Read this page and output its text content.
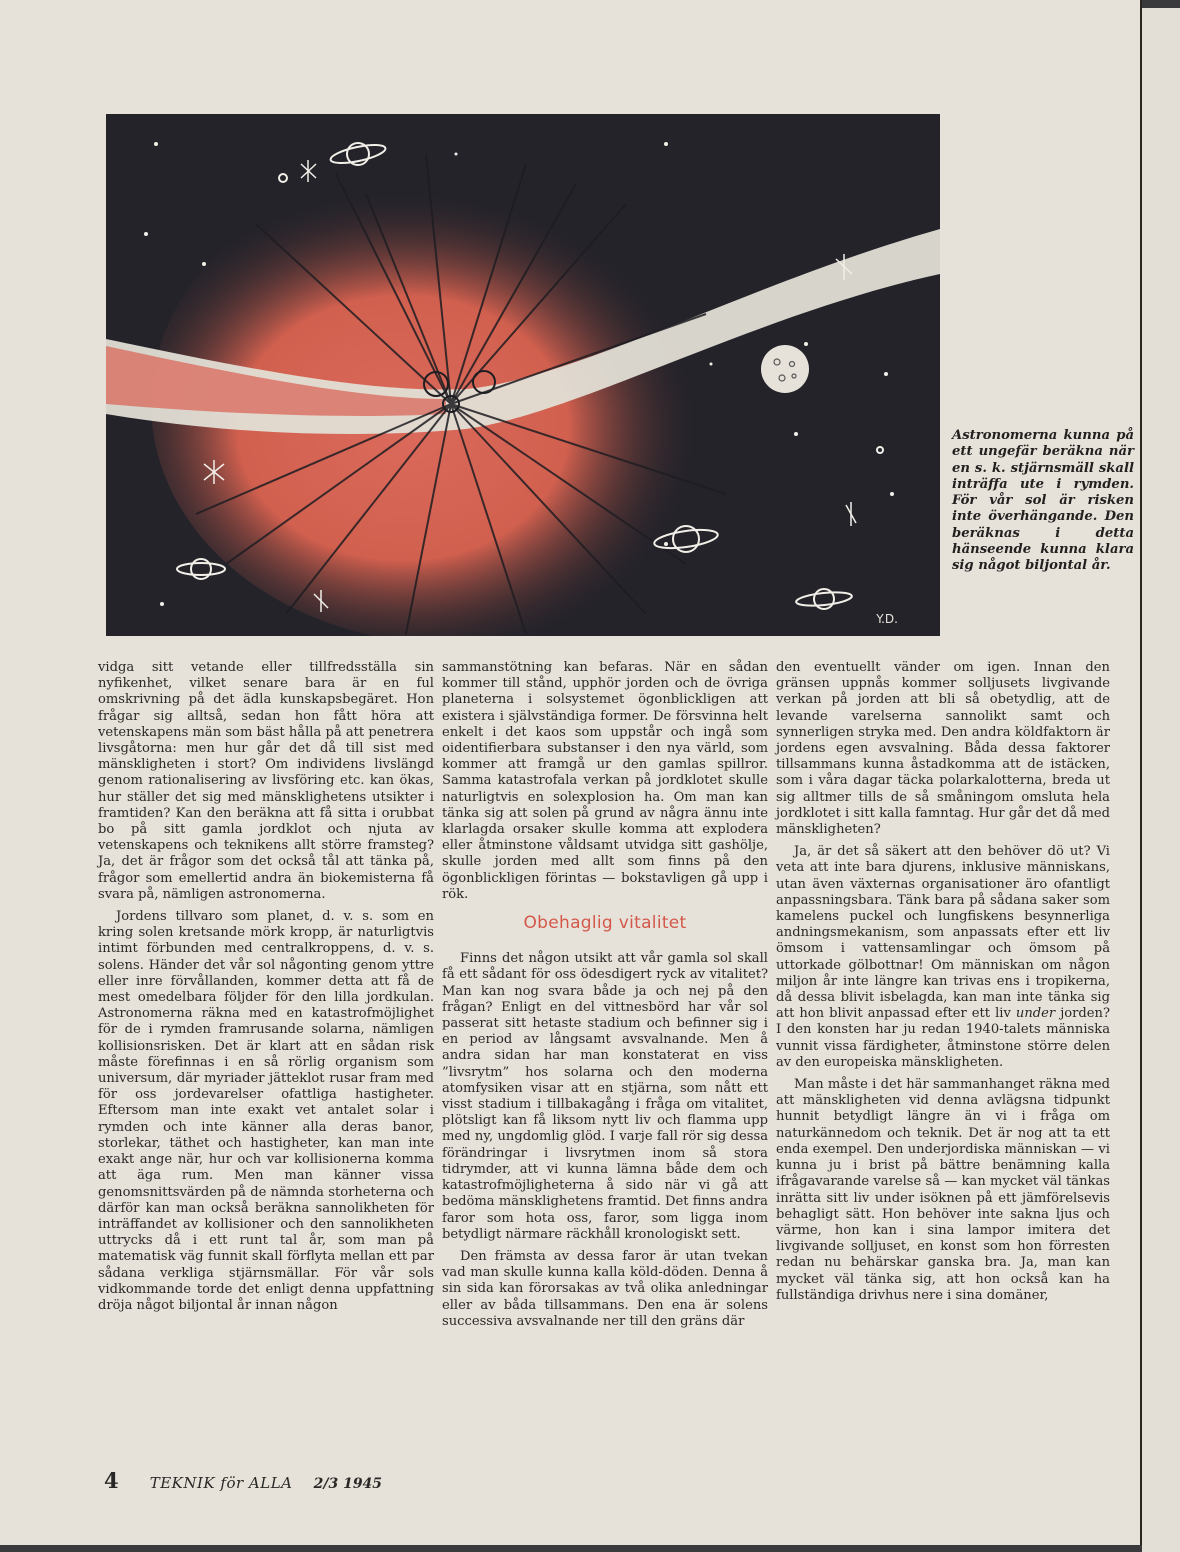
Y.D.
Astronomerna kunna på ett ungefär beräkna när en s. k. stjärnsmäll skall inträffa ute i rymden. För vår sol är risken inte överhängande. Den beräknas i detta hänseende kunna klara sig något biljontal år.

vidga sitt vetande eller tillfredsställa sin nyfikenhet, vilket senare bara är en ful omskrivning på det ädla kunskapsbegäret. Hon frågar sig alltså, sedan hon fått höra att vetenskapens män som bäst hålla på att penetrera livsgåtorna: men hur går det då till sist med mänskligheten i stort? Om individens livslängd genom rationalisering av livsföring etc. kan ökas, hur ställer det sig med mänsklighetens utsikter i framtiden? Kan den beräkna att få sitta i orubbat bo på sitt gamla jordklot och njuta av vetenskapens och teknikens allt större framsteg? Ja, det är frågor som det också tål att tänka på, frågor som emellertid andra än biokemisterna få svara på, nämligen astronomerna.

Jordens tillvaro som planet, d. v. s. som en kring solen kretsande mörk kropp, är naturligtvis intimt förbunden med centralkroppens, d. v. s. solens. Händer det vår sol någonting genom yttre eller inre förvållanden, kommer detta att få de mest omedelbara följder för den lilla jordkulan. Astronomerna räkna med en katastrofmöjlighet för de i rymden framrusande solarna, nämligen kollisionsrisken. Det är klart att en sådan risk måste förefinnas i en så rörlig organism som universum, där myriader jätteklot rusar fram med för oss jordevarelser ofattliga hastigheter. Eftersom man inte exakt vet antalet solar i rymden och inte känner alla deras banor, storlekar, täthet och hastigheter, kan man inte exakt ange när, hur och var kollisionerna komma att äga rum. Men man känner vissa genomsnittsvärden på de nämnda storheterna och därför kan man också beräkna sannolikheten för inträffandet av kollisioner och den sannolikheten uttrycks då i ett runt tal år, som man på matematisk väg funnit skall förflyta mellan ett par sådana verkliga stjärnsmällar. För vår sols vidkommande torde det enligt denna uppfattning dröja något biljontal år innan någon

sammanstötning kan befaras. När en sådan kommer till stånd, upphör jorden och de övriga planeterna i solsystemet ögonblickligen att existera i självständiga former. De försvinna helt enkelt i det kaos som uppstår och ingå som oidentifierbara substanser i den nya värld, som kommer att framgå ur den gamlas spillror. Samma katastrofala verkan på jordklotet skulle naturligtvis en solexplosion ha. Om man kan tänka sig att solen på grund av några ännu inte klarlagda orsaker skulle komma att explodera eller åtminstone våldsamt utvidga sitt gashölje, skulle jorden med allt som finns på den ögonblickligen förintas — bokstavligen gå upp i rök.

Obehaglig vitalitet

Finns det någon utsikt att vår gamla sol skall få ett sådant för oss ödesdigert ryck av vitalitet? Man kan nog svara både ja och nej på den frågan? Enligt en del vittnesbörd har vår sol passerat sitt hetaste stadium och befinner sig i en period av långsamt avsvalnande. Men å andra sidan har man konstaterat en viss ”livsrytm” hos solarna och den moderna atomfysiken visar att en stjärna, som nått ett visst stadium i tillbakagång i fråga om vitalitet, plötsligt kan få liksom nytt liv och flamma upp med ny, ungdomlig glöd. I varje fall rör sig dessa förändringar i livsrytmen inom så stora tidrymder, att vi kunna lämna både dem och katastrofmöjligheterna å sido när vi gå att bedöma mänsklighetens framtid. Det finns andra faror som hota oss, faror, som ligga inom betydligt närmare räckhåll kronologiskt sett.

Den främsta av dessa faror är utan tvekan vad man skulle kunna kalla köld-döden. Denna å sin sida kan förorsakas av två olika anledningar eller av båda tillsammans. Den ena är solens successiva avsvalnande ner till den gräns där

den eventuellt vänder om igen. Innan den gränsen uppnås kommer solljusets livgivande verkan på jorden att bli så obetydlig, att de levande varelserna sannolikt samt och synnerligen stryka med. Den andra köldfaktorn är jordens egen avsvalning. Båda dessa faktorer tillsammans kunna åstadkomma att de istäcken, som i våra dagar täcka polarkalotterna, breda ut sig alltmer tills de så småningom omsluta hela jordklotet i sitt kalla famntag. Hur går det då med mänskligheten?

Ja, är det så säkert att den behöver dö ut? Vi veta att inte bara djurens, inklusive människans, utan även växternas organisationer äro ofantligt anpassningsbara. Tänk bara på sådana saker som kamelens puckel och lungfiskens besynnerliga andningsmekanism, som anpassats efter ett liv ömsom i vattensamlingar och ömsom på uttorkade gölbottnar! Om människan om någon miljon år inte längre kan trivas ens i tropikerna, då dessa blivit isbelagda, kan man inte tänka sig att hon blivit anpassad efter ett liv under jorden? I den konsten har ju redan 1940-talets människa vunnit vissa färdigheter, åtminstone större delen av den europeiska mänskligheten.

Man måste i det här sammanhanget räkna med att mänskligheten vid denna avlägsna tidpunkt hunnit betydligt längre än vi i fråga om naturkännedom och teknik. Det är nog att ta ett enda exempel. Den underjordiska människan — vi kunna ju i brist på bättre benämning kalla ifrågavarande varelse så — kan mycket väl tänkas inrätta sitt liv under isöknen på ett jämförelsevis behagligt sätt. Hon behöver inte sakna ljus och värme, hon kan i sina lampor imitera det livgivande solljuset, en konst som hon förresten redan nu behärskar ganska bra. Ja, man kan mycket väl tänka sig, att hon också kan ha fullständiga drivhus nere i sina domäner,

4 TEKNIK för ALLA 2/3 1945
